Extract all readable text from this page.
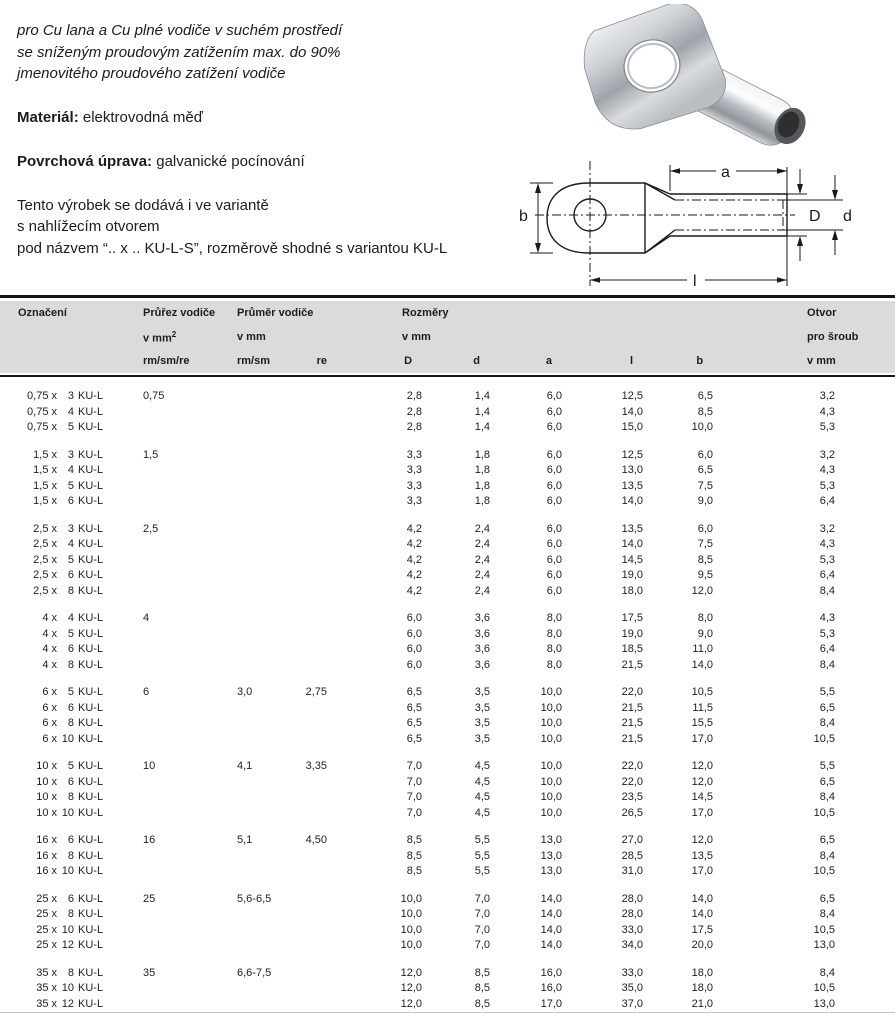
pro Cu lana a Cu plné vodiče v suchém prostředí
se sníženým proudovým zatížením max. do 90%
jmenovitého proudového zatížení vodiče
Materiál: elektrovodná měď
Povrchová úprava: galvanické pocínování
Tento výrobek se dodává i ve variantě
s nahlížecím otvorem
pod názvem “.. x .. KU-L-S”, rozměrově shodné s variantou KU-L
a
b	D d
l
Označení	Průřez vodiče	Průměr vodiče		Rozměry					Otvor
	v $mm^2$	v mm		v mm					pro šroub
	rm/sm/re	rm/sm	re	D	d	a	l	b	v mm

0,75 x 3 KU-L	0,75			2,8	1,4	6,0	12,5	6,5	3,2
0,75 x 4 KU-L				2,8	1,4	6,0	14,0	8,5	4,3
0,75 x 5 KU-L				2,8	1,4	6,0	15,0	10,0	5,3

1,5 x 3 KU-L	1,5			3,3	1,8	6,0	12,5	6,0	3,2
1,5 x 4 KU-L				3,3	1,8	6,0	13,0	6,5	4,3
1,5 x 5 KU-L				3,3	1,8	6,0	13,5	7,5	5,3
1,5 x 6 KU-L				3,3	1,8	6,0	14,0	9,0	6,4

2,5 x 3 KU-L	2,5			4,2	2,4	6,0	13,5	6,0	3,2
2,5 x 4 KU-L				4,2	2,4	6,0	14,0	7,5	4,3
2,5 x 5 KU-L				4,2	2,4	6,0	14,5	8,5	5,3
2,5 x 6 KU-L				4,2	2,4	6,0	19,0	9,5	6,4
2,5 x 8 KU-L				4,2	2,4	6,0	18,0	12,0	8,4

4 x 4 KU-L	4			6,0	3,6	8,0	17,5	8,0	4,3
4 x 5 KU-L				6,0	3,6	8,0	19,0	9,0	5,3
4 x 6 KU-L				6,0	3,6	8,0	18,5	11,0	6,4
4 x 8 KU-L				6,0	3,6	8,0	21,5	14,0	8,4

6 x 5 KU-L	6	3,0	2,75	6,5	3,5	10,0	22,0	10,5	5,5
6 x 6 KU-L				6,5	3,5	10,0	21,5	11,5	6,5
6 x 8 KU-L				6,5	3,5	10,0	21,5	15,5	8,4
6 x 10 KU-L				6,5	3,5	10,0	21,5	17,0	10,5

10 x 5 KU-L	10	4,1	3,35	7,0	4,5	10,0	22,0	12,0	5,5
10 x 6 KU-L				7,0	4,5	10,0	22,0	12,0	6,5
10 x 8 KU-L				7,0	4,5	10,0	23,5	14,5	8,4
10 x 10 KU-L				7,0	4,5	10,0	26,5	17,0	10,5

16 x 6 KU-L	16	5,1	4,50	8,5	5,5	13,0	27,0	12,0	6,5
16 x 8 KU-L				8,5	5,5	13,0	28,5	13,5	8,4
16 x 10 KU-L				8,5	5,5	13,0	31,0	17,0	10,5

25 x 6 KU-L	25	5,6-6,5		10,0	7,0	14,0	28,0	14,0	6,5
25 x 8 KU-L				10,0	7,0	14,0	28,0	14,0	8,4
25 x 10 KU-L				10,0	7,0	14,0	33,0	17,5	10,5
25 x 12 KU-L				10,0	7,0	14,0	34,0	20,0	13,0

35 x 8 KU-L	35	6,6-7,5		12,0	8,5	16,0	33,0	18,0	8,4
35 x 10 KU-L				12,0	8,5	16,0	35,0	18,0	10,5
35 x 12 KU-L				12,0	8,5	17,0	37,0	21,0	13,0
